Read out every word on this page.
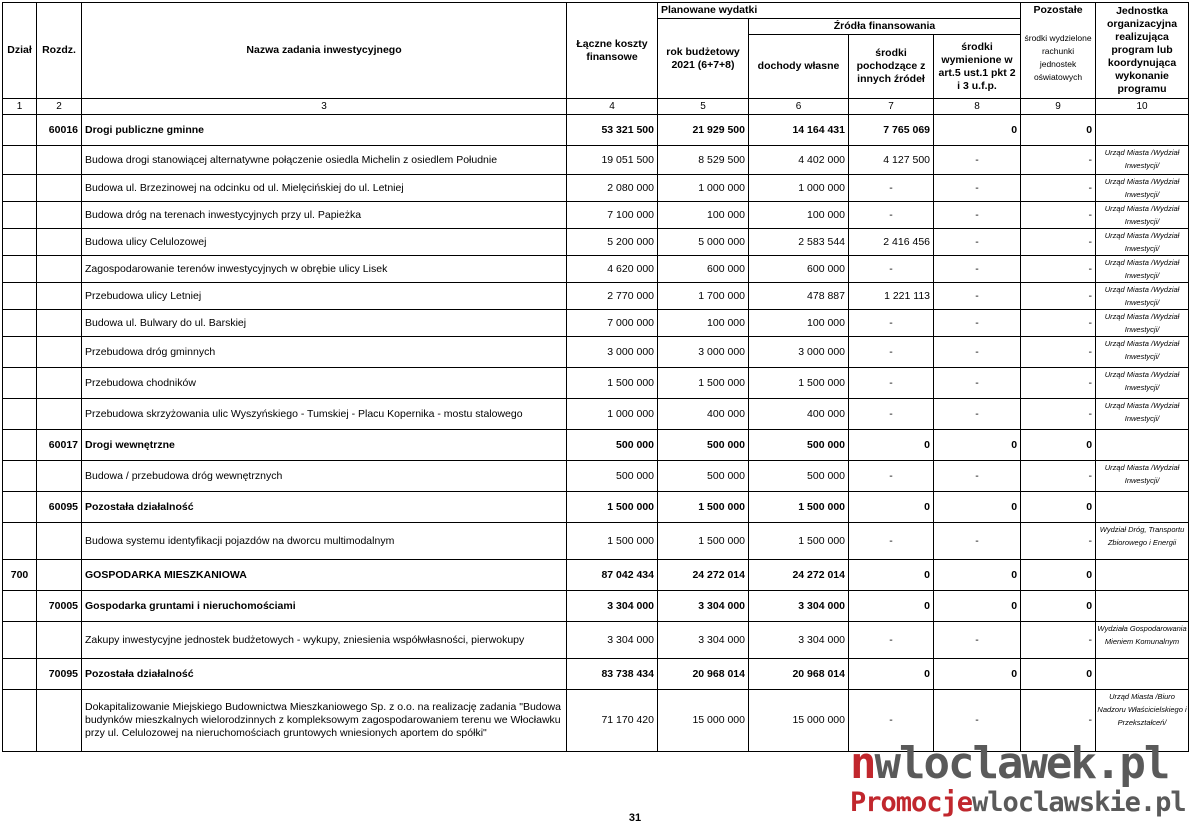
Dział	Rozdz.	Nazwa zadania inwestycyjnego	Łączne koszty finansowe	Planowane wydatki				Pozostałe	Jednostka organizacyjna realizująca program lub koordynująca wykonanie programu
				rok budżetowy 2021 (6+7+8)	Źródła finansowania			środki wydzielone rachunki jednostek oświatowych	
					dochody własne	środki pochodzące z innych źródeł	środki wymienione w art.5 ust.1 pkt 2 i 3 u.f.p.		
1	2	3	4	5	6	7	8	9	10
	60016	Drogi publiczne gminne	53 321 500	21 929 500	14 164 431	7 765 069	0	0	
		Budowa drogi stanowiącej alternatywne połączenie osiedla Michelin z osiedlem Południe	19 051 500	8 529 500	4 402 000	4 127 500	-	-	Urząd Miasta /Wydział Inwestycji/
		Budowa ul. Brzezinowej na odcinku od ul. Mielęcińskiej do ul. Letniej	2 080 000	1 000 000	1 000 000	-	-	-	Urząd Miasta /Wydział Inwestycji/
		Budowa dróg na terenach inwestycyjnych przy ul. Papieżka	7 100 000	100 000	100 000	-	-	-	Urząd Miasta /Wydział Inwestycji/
		Budowa ulicy Celulozowej	5 200 000	5 000 000	2 583 544	2 416 456	-	-	Urząd Miasta /Wydział Inwestycji/
		Zagospodarowanie terenów inwestycyjnych w obrębie ulicy Lisek	4 620 000	600 000	600 000	-	-	-	Urząd Miasta /Wydział Inwestycji/
		Przebudowa ulicy Letniej	2 770 000	1 700 000	478 887	1 221 113	-	-	Urząd Miasta /Wydział Inwestycji/
		Budowa ul. Bulwary do ul. Barskiej	7 000 000	100 000	100 000	-	-	-	Urząd Miasta /Wydział Inwestycji/
		Przebudowa dróg gminnych	3 000 000	3 000 000	3 000 000	-	-	-	Urząd Miasta /Wydział Inwestycji/
		Przebudowa chodników	1 500 000	1 500 000	1 500 000	-	-	-	Urząd Miasta /Wydział Inwestycji/
		Przebudowa skrzyżowania ulic Wyszyńskiego - Tumskiej - Placu Kopernika - mostu stalowego	1 000 000	400 000	400 000	-	-	-	Urząd Miasta /Wydział Inwestycji/
	60017	Drogi wewnętrzne	500 000	500 000	500 000	0	0	0	
		Budowa / przebudowa dróg wewnętrznych	500 000	500 000	500 000	-	-	-	Urząd Miasta /Wydział Inwestycji/
	60095	Pozostała działalność	1 500 000	1 500 000	1 500 000	0	0	0	
		Budowa systemu identyfikacji pojazdów na dworcu multimodalnym	1 500 000	1 500 000	1 500 000	-	-	-	Wydział Dróg, Transportu Zbiorowego i Energii
700		GOSPODARKA MIESZKANIOWA	87 042 434	24 272 014	24 272 014	0	0	0	
	70005	Gospodarka gruntami i nieruchomościami	3 304 000	3 304 000	3 304 000	0	0	0	
		Zakupy inwestycyjne jednostek budżetowych - wykupy, zniesienia współwłasności, pierwokupy	3 304 000	3 304 000	3 304 000	-	-	-	Wydziała Gospodarowania Mieniem Komunalnym
	70095	Pozostała działalność	83 738 434	20 968 014	20 968 014	0	0	0	
		Dokapitalizowanie Miejskiego Budownictwa Mieszkaniowego Sp. z o.o. na realizację zadania "Budowa budynków mieszkalnych wielorodzinnych z kompleksowym zagospodarowaniem terenu we Włocławku przy ul. Celulozowej na nieruchomościach gruntowych wniesionych aportem do spółki"	71 170 420	15 000 000	15 000 000	-	-	-	Urząd Miasta /Biuro Nadzoru Właścicielskiego i Przekształceń/
nwloclawek.pl
Promocjewloclawskie.pl
31
